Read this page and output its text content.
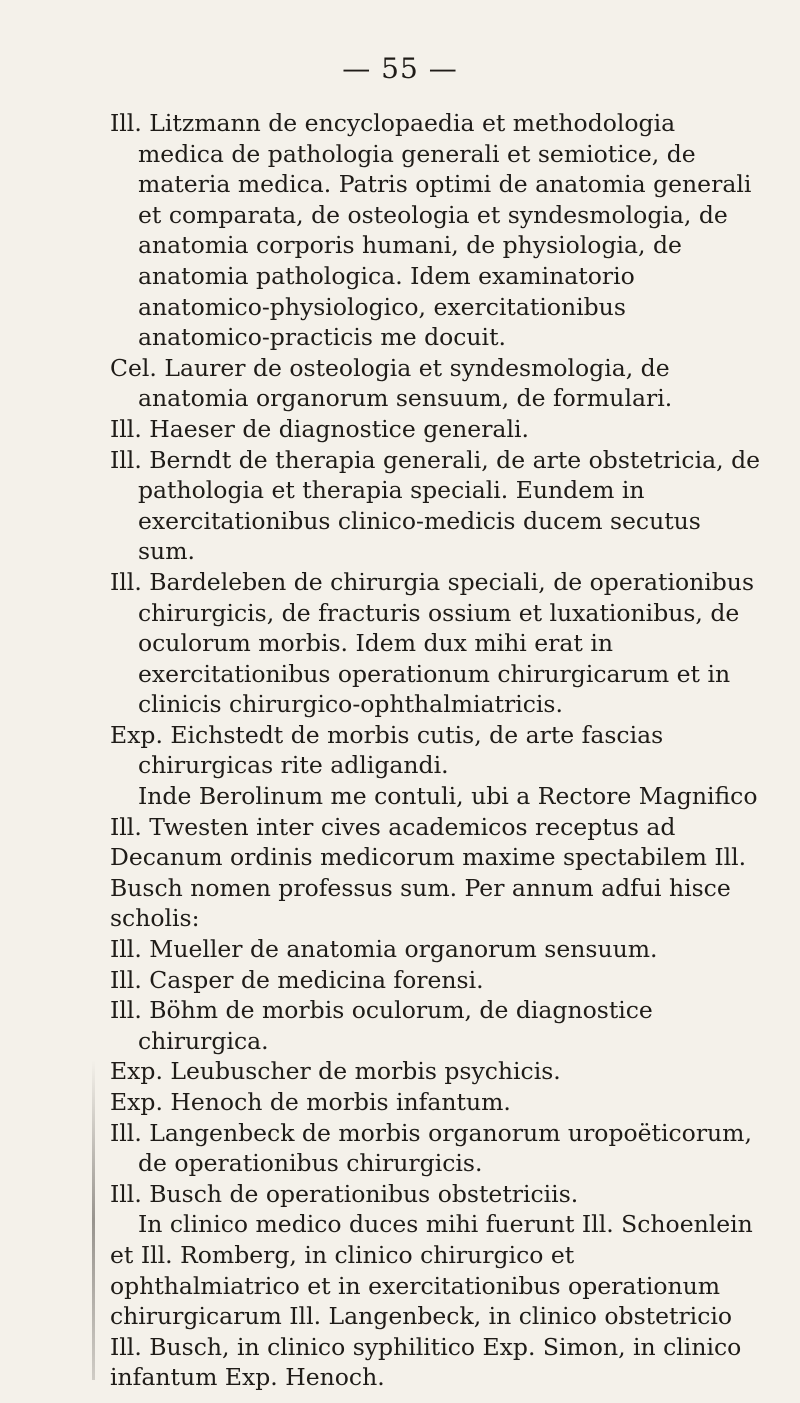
— 55 —

Ill. Litzmann de encyclopaedia et methodologia medica de pathologia generali et semiotice, de materia medica. Patris optimi de anatomia generali et comparata, de osteologia et syndesmologia, de anatomia corporis humani, de physiologia, de anatomia pathologica. Idem examinatorio anatomico-physiologico, exercitationibus anatomico-practicis me docuit.

Cel. Laurer de osteologia et syndesmologia, de anatomia organorum sensuum, de formulari.

Ill. Haeser de diagnostice generali.

Ill. Berndt de therapia generali, de arte obstetricia, de pathologia et therapia speciali. Eundem in exercitationibus clinico-medicis ducem secutus sum.

Ill. Bardeleben de chirurgia speciali, de operationibus chirurgicis, de fracturis ossium et luxationibus, de oculorum morbis. Idem dux mihi erat in exercitationibus operationum chirurgicarum et in clinicis chirurgico-ophthalmiatricis.

Exp. Eichstedt de morbis cutis, de arte fascias chirurgicas rite adligandi.

Inde Berolinum me contuli, ubi a Rectore Magnifico Ill. Twesten inter cives academicos receptus ad Decanum ordinis medicorum maxime spectabilem Ill. Busch nomen professus sum. Per annum adfui hisce scholis:

Ill. Mueller de anatomia organorum sensuum.

Ill. Casper de medicina forensi.

Ill. Böhm de morbis oculorum, de diagnostice chirurgica.

Exp. Leubuscher de morbis psychicis.

Exp. Henoch de morbis infantum.

Ill. Langenbeck de morbis organorum uropoëticorum, de operationibus chirurgicis.

Ill. Busch de operationibus obstetriciis.

In clinico medico duces mihi fuerunt Ill. Schoenlein et Ill. Romberg, in clinico chirurgico et ophthalmiatrico et in exercitationibus operationum chirurgicarum Ill. Langenbeck, in clinico obstetricio Ill. Busch, in clinico syphilitico Exp. Simon, in clinico infantum Exp. Henoch.
